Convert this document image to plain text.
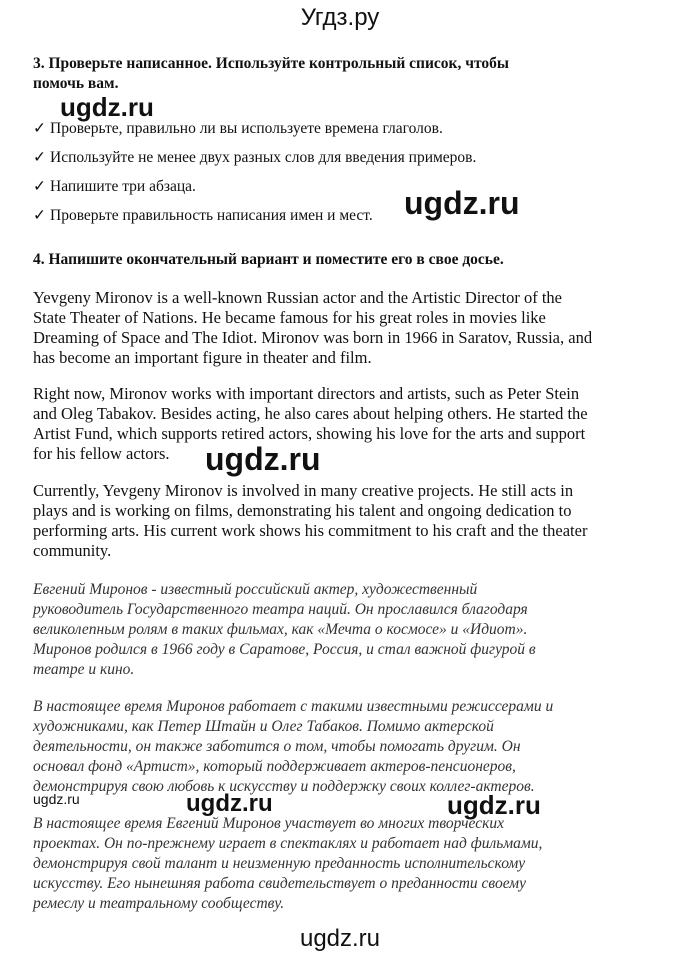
Угдз.ру
3. Проверьте написанное. Используйте контрольный список, чтобы
помочь вам.
✓ Проверьте, правильно ли вы используете времена глаголов.
✓ Используйте не менее двух разных слов для введения примеров.
✓ Напишите три абзаца.
✓ Проверьте правильность написания имен и мест.
4. Напишите окончательный вариант и поместите его в свое досье.
Yevgeny Mironov is a well-known Russian actor and the Artistic Director of the
State Theater of Nations. He became famous for his great roles in movies like
Dreaming of Space and The Idiot. Mironov was born in 1966 in Saratov, Russia, and
has become an important figure in theater and film.
Right now, Mironov works with important directors and artists, such as Peter Stein
and Oleg Tabakov. Besides acting, he also cares about helping others. He started the
Artist Fund, which supports retired actors, showing his love for the arts and support
for his fellow actors.
Currently, Yevgeny Mironov is involved in many creative projects. He still acts in
plays and is working on films, demonstrating his talent and ongoing dedication to
performing arts. His current work shows his commitment to his craft and the theater
community.
Евгений Миронов - известный российский актер, художественный
руководитель Государственного театра наций. Он прославился благодаря
великолепным ролям в таких фильмах, как «Мечта о космосе» и «Идиот».
Миронов родился в 1966 году в Саратове, Россия, и стал важной фигурой в
театре и кино.
В настоящее время Миронов работает с такими известными режиссерами и
художниками, как Петер Штайн и Олег Табаков. Помимо актерской
деятельности, он также заботится о том, чтобы помогать другим. Он
основал фонд «Артист», который поддерживает актеров-пенсионеров,
демонстрируя свою любовь к искусству и поддержку своих коллег-актеров.
В настоящее время Евгений Миронов участвует во многих творческих
проектах. Он по-прежнему играет в спектаклях и работает над фильмами,
демонстрируя свой талант и неизменную преданность исполнительскому
искусству. Его нынешняя работа свидетельствует о преданности своему
ремеслу и театральному сообществу.
ugdz.ru
ugdz.ru
ugdz.ru
ugdz.ru	ugdz.ru	ugdz.ru
ugdz.ru
